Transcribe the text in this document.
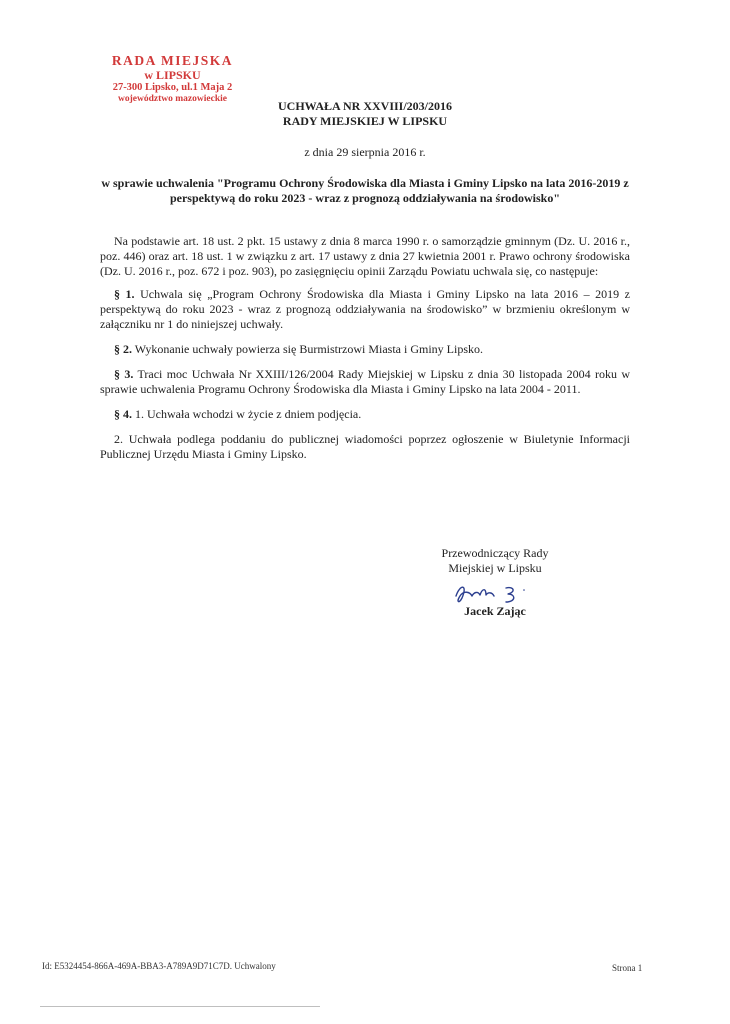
RADA MIEJSKA
w LIPSKU
27-300 Lipsko, ul.1 Maja 2
województwo mazowieckie
UCHWAŁA NR XXVIII/203/2016
RADY MIEJSKIEJ W LIPSKU
z dnia 29 sierpnia 2016 r.
w sprawie uchwalenia "Programu Ochrony Środowiska dla Miasta i Gminy Lipsko na lata 2016-2019 z perspektywą do roku 2023 - wraz z prognozą oddziaływania na środowisko"

Na podstawie art. 18 ust. 2 pkt. 15 ustawy z dnia 8 marca 1990 r. o samorządzie gminnym (Dz. U. 2016 r., poz. 446) oraz art. 18 ust. 1 w związku z art. 17 ustawy z dnia 27 kwietnia 2001 r. Prawo ochrony środowiska (Dz. U. 2016 r., poz. 672 i poz. 903), po zasięgnięciu opinii Zarządu Powiatu uchwala się, co następuje:

§ 1. Uchwala się „Program Ochrony Środowiska dla Miasta i Gminy Lipsko na lata 2016 – 2019 z perspektywą do roku 2023 - wraz z prognozą oddziaływania na środowisko” w brzmieniu określonym w załączniku nr 1 do niniejszej uchwały.

§ 2. Wykonanie uchwały powierza się Burmistrzowi Miasta i Gminy Lipsko.

§ 3. Traci moc Uchwała Nr XXIII/126/2004 Rady Miejskiej w Lipsku z dnia 30 listopada 2004 roku w sprawie uchwalenia Programu Ochrony Środowiska dla Miasta i Gminy Lipsko na lata 2004 - 2011.

§ 4. 1. Uchwała wchodzi w życie z dniem podjęcia.

2. Uchwała podlega poddaniu do publicznej wiadomości poprzez ogłoszenie w Biuletynie Informacji Publicznej Urzędu Miasta i Gminy Lipsko.

Przewodniczący Rady
Miejskiej w Lipsku
Jacek Zając
Id: E5324454-866A-469A-BBA3-A789A9D71C7D. Uchwalony	Strona 1
